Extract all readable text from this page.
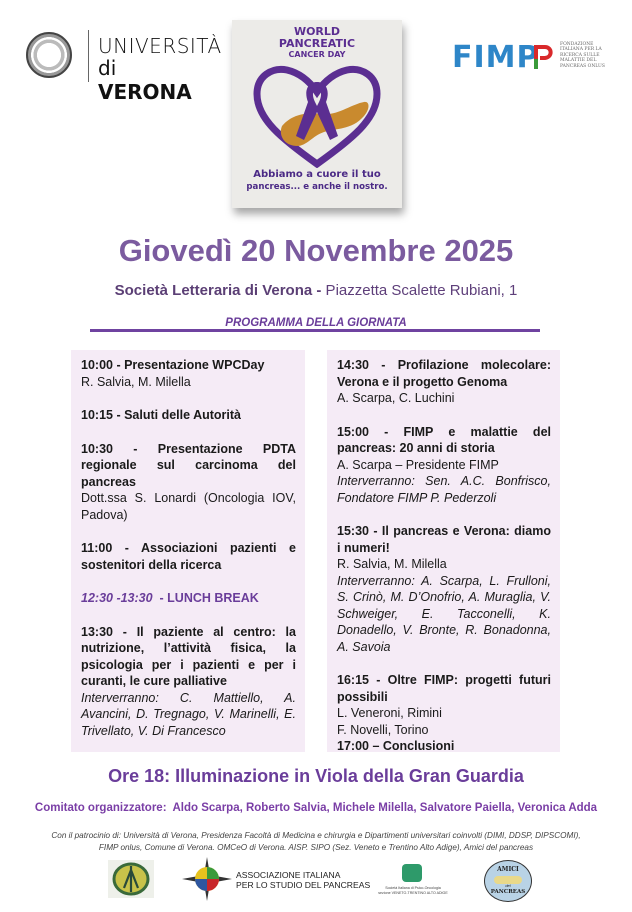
UNIVERSITÀ
di VERONA
WORLD
PANCREATIC
CANCER DAY
Abbiamo a cuore il tuo
pancreas... e anche il nostro.
FIMP	FONDAZIONE ITALIANA PER LA RICERCA SULLE MALATTIE DEL PANCREAS ONLUS
Giovedì 20 Novembre 2025
Società Letteraria di Verona - Piazzetta Scalette Rubiani, 1
PROGRAMMA DELLA GIORNATA
10:00 - Presentazione WPCDay
R. Salvia, M. Milella
10:15 - Saluti delle Autorità
10:30 - Presentazione PDTA regionale sul carcinoma del pancreas
Dott.ssa S. Lonardi (Oncologia IOV, Padova)
11:00 - Associazioni pazienti e sostenitori della ricerca
12:30 -13:30  - LUNCH BREAK
13:30 - Il paziente al centro: la nutrizione, l’attività fisica, la psicologia per i pazienti e per i curanti, le cure palliative
Interverranno: C. Mattiello, A. Avancini, D. Tregnago, V. Marinelli, E. Trivellato, V. Di Francesco
14:30 - Profilazione molecolare: Verona e il progetto Genoma
A. Scarpa, C. Luchini
15:00 - FIMP e malattie del pancreas: 20 anni di storia
A. Scarpa – Presidente FIMP
Interverranno: Sen. A.C. Bonfrisco, Fondatore FIMP P. Pederzoli
15:30 - Il pancreas e Verona: diamo i numeri!
R. Salvia, M. Milella
Interverranno: A. Scarpa, L. Frulloni, S. Crinò, M. D’Onofrio, A. Muraglia, V. Schweiger, E. Tacconelli, K. Donadello, V. Bronte, R. Bonadonna, A. Savoia
16:15 - Oltre FIMP: progetti futuri possibili
L. Veneroni, Rimini
F. Novelli, Torino
17:00 – Conclusioni
Ore 18: Illuminazione in Viola della Gran Guardia
Comitato organizzatore:  Aldo Scarpa, Roberto Salvia, Michele Milella, Salvatore Paiella, Veronica Adda
Con il patrocinio di: Università di Verona, Presidenza Facoltà di Medicina e chirurgia e Dipartimenti universitari coinvolti (DIMI, DDSP, DIPSCOMI),
FIMP onlus, Comune di Verona. OMCeO di Verona. AISP. SIPO (Sez. Veneto e Trentino Alto Adige), Amici del pancreas
ASSOCIAZIONE ITALIANA
PER LO STUDIO DEL PANCREAS	Società Italiana di Psico-Oncologia
sezione VENETO-TRENTINO ALTO ADIGE
AMICI
del
PANCREAS
